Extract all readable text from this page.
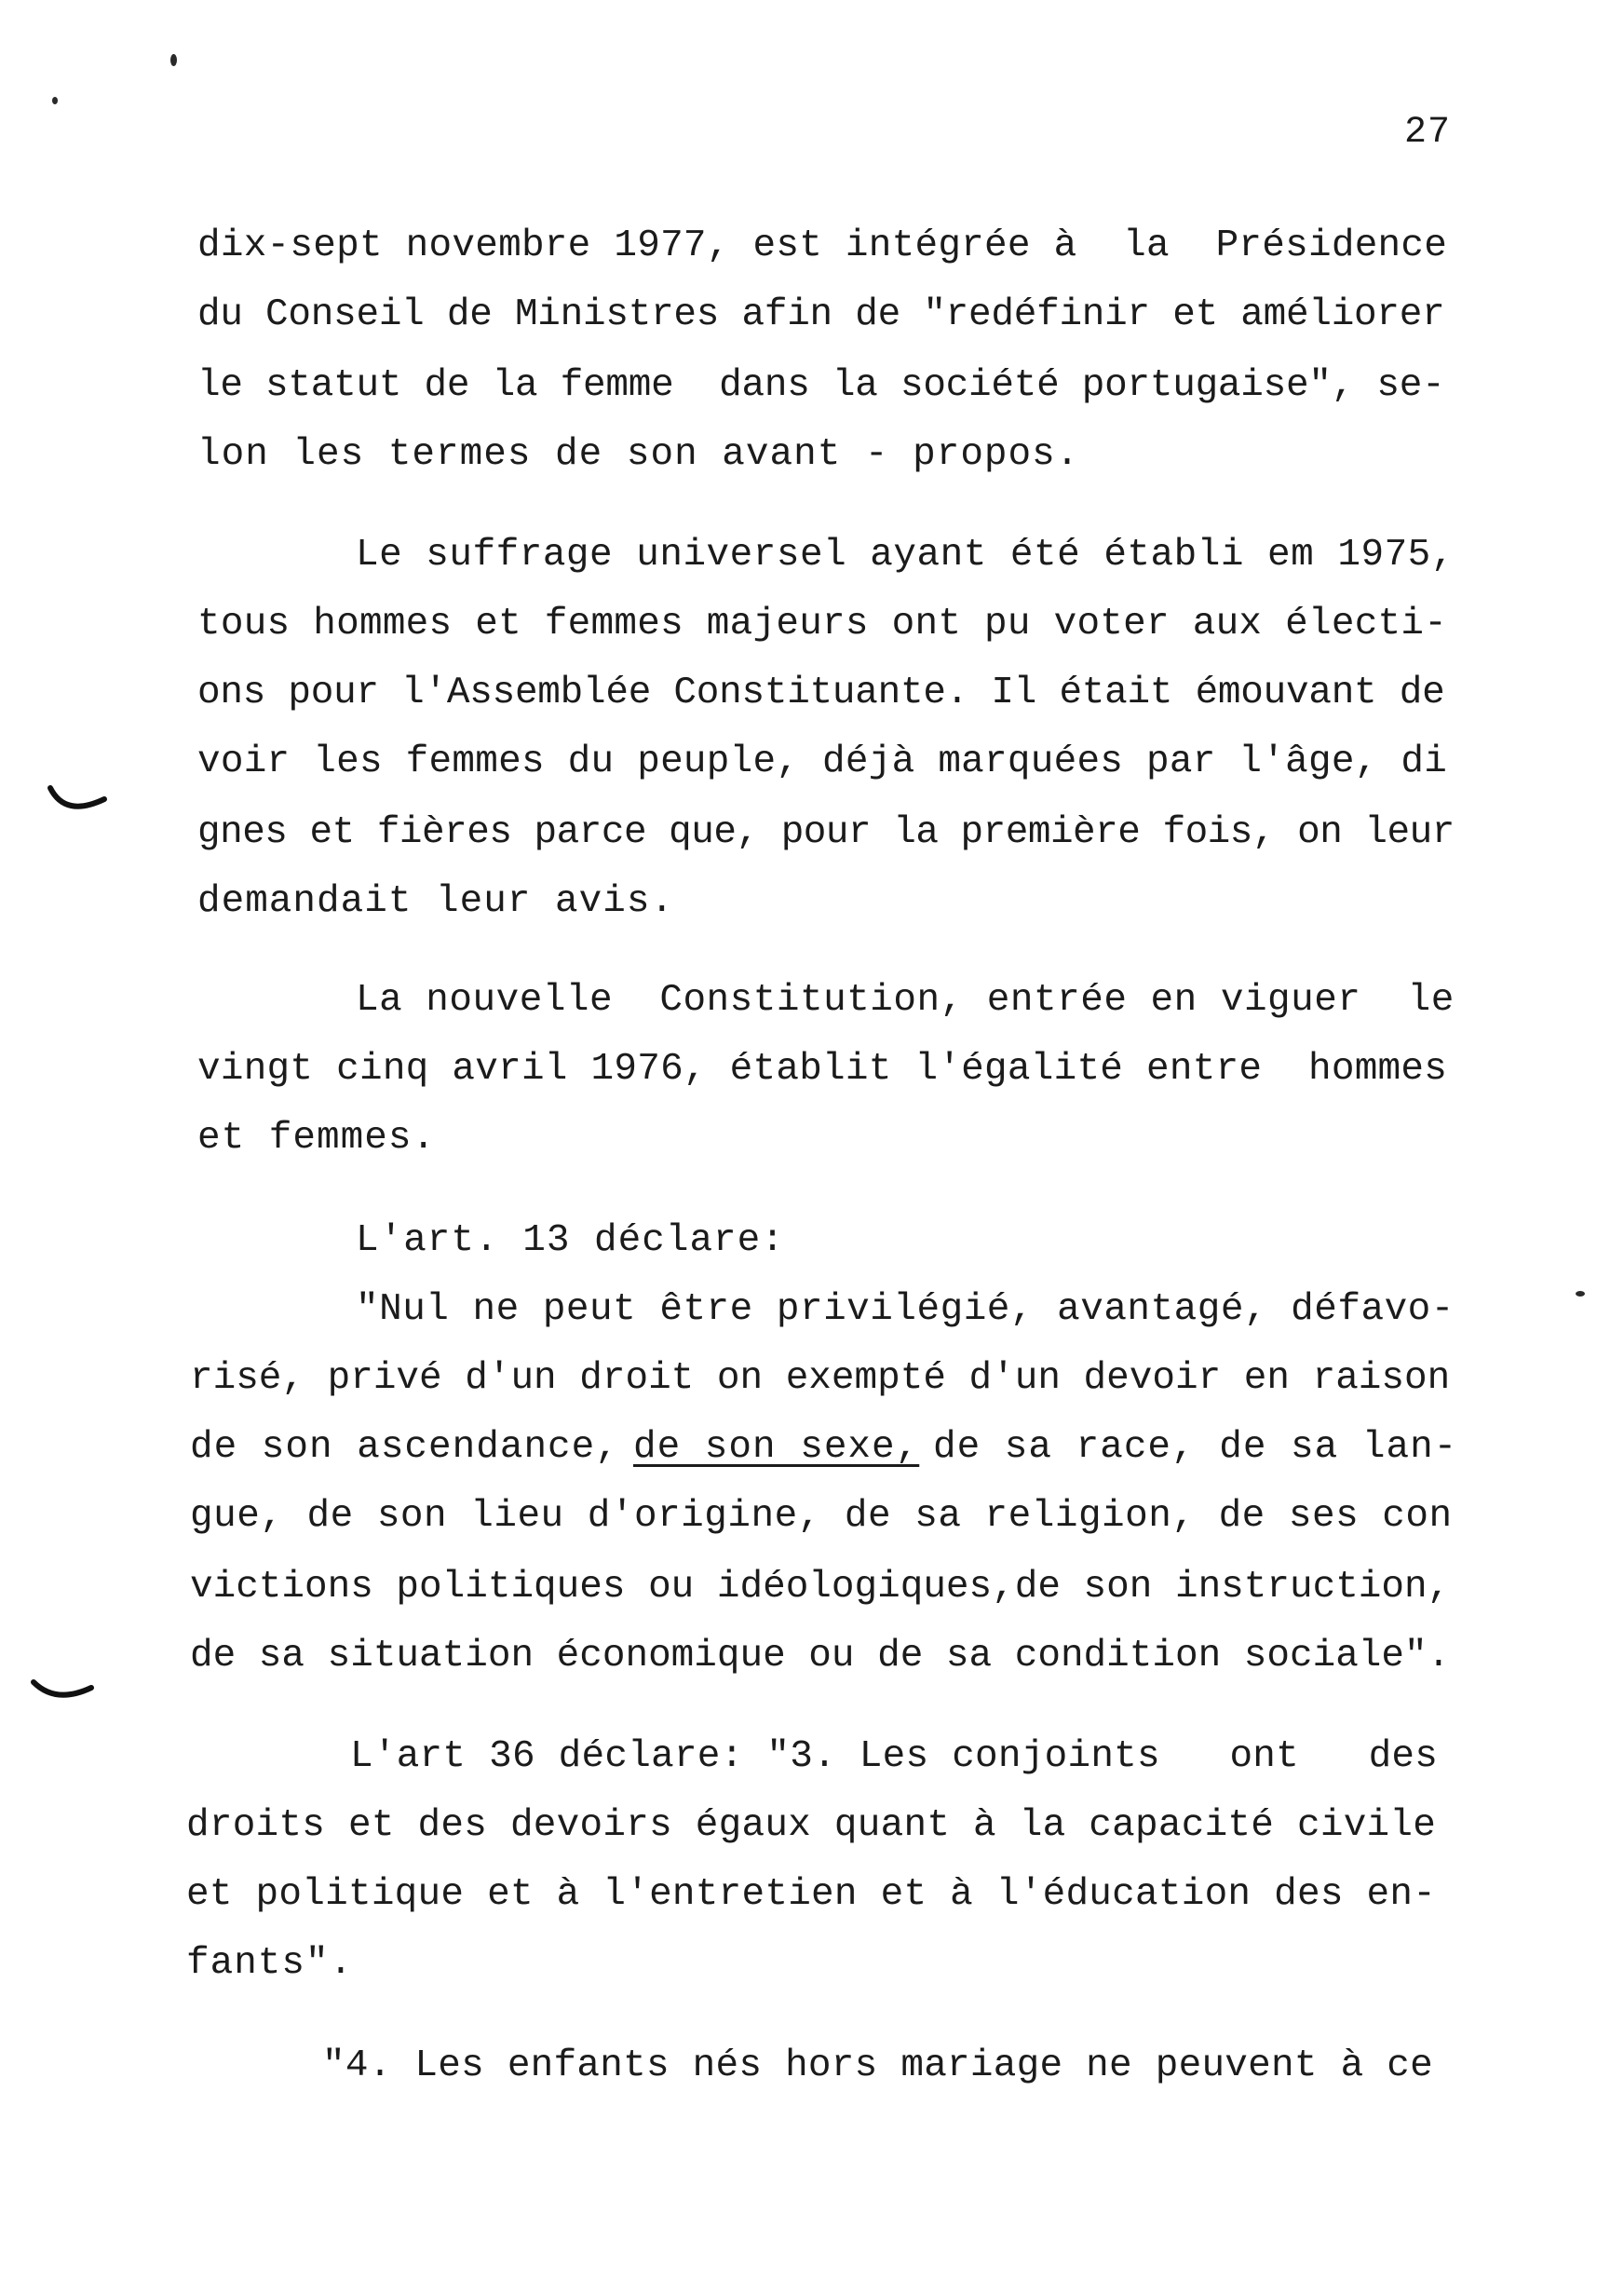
27
dix-sept novembre 1977, est intégrée à  la  Présidence
du Conseil de Ministres afin de "redéfinir et améliorer
le statut de la femme  dans la société portugaise", se-
lon les termes de son avant - propos.
Le suffrage universel ayant été établi em 1975,
tous hommes et femmes majeurs ont pu voter aux électi-
ons pour l'Assemblée Constituante. Il était émouvant de
voir les femmes du peuple, déjà marquées par l'âge, di
gnes et fières parce que, pour la première fois, on leur
demandait leur avis.
La nouvelle  Constitution, entrée en viguer  le
vingt cinq avril 1976, établit l'égalité entre  hommes
et femmes.
L'art. 13 déclare:
"Nul ne peut être privilégié, avantagé, défavo-
risé, privé d'un droit on exempté d'un devoir en raison
de son ascendance, de son sexe, de sa race, de sa lan-
gue, de son lieu d'origine, de sa religion, de ses con
victions politiques ou idéologiques,de son instruction,
de sa situation économique ou de sa condition sociale".
L'art 36 déclare: "3. Les conjoints   ont   des
droits et des devoirs égaux quant à la capacité civile
et politique et à l'entretien et à l'éducation des en-
fants".
"4. Les enfants nés hors mariage ne peuvent à ce
